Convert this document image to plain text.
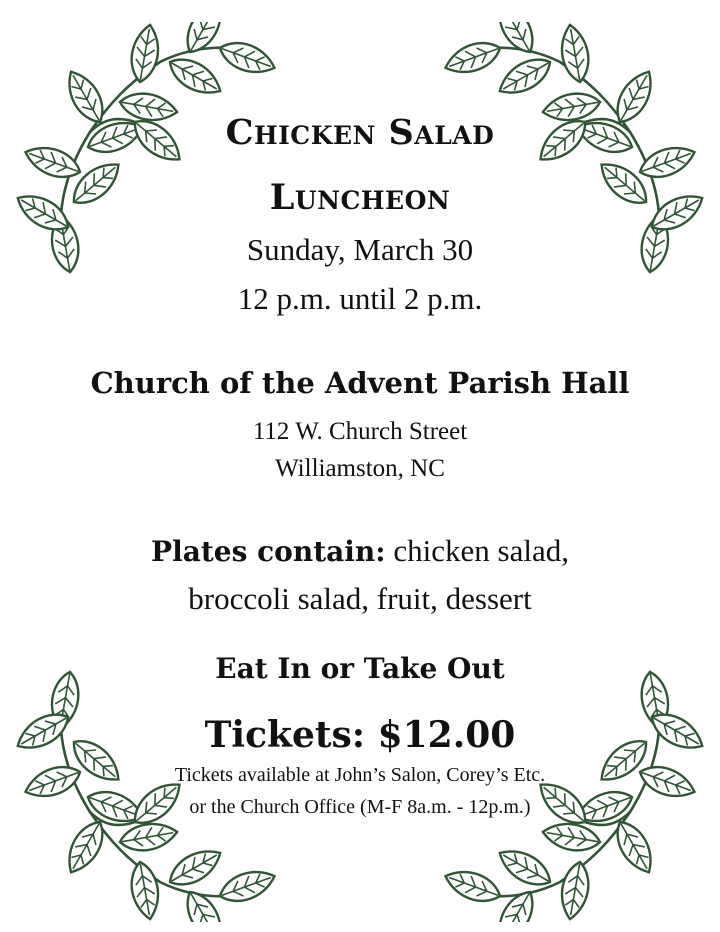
Chicken Salad
Luncheon
Sunday, March 30
12 p.m. until 2 p.m.
Church of the Advent Parish Hall
112 W. Church Street
Williamston, NC
Plates contain: chicken salad,
broccoli salad, fruit, dessert
Eat In or Take Out
Tickets: $12.00
Tickets available at John’s Salon, Corey’s Etc.
or the Church Office (M-F 8a.m. - 12p.m.)
